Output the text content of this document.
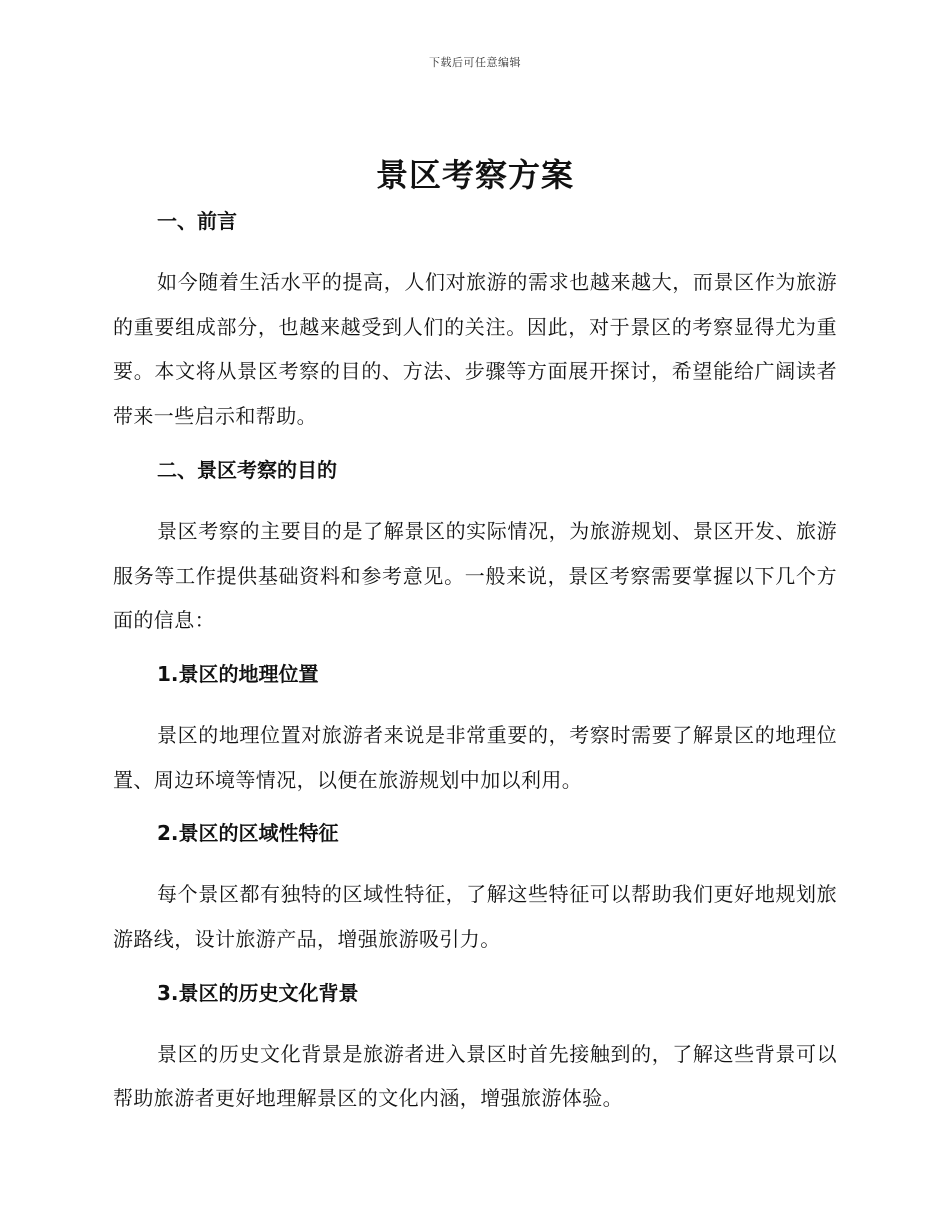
下载后可任意编辑
景区考察方案
一、前言

如今随着生活水平的提高，人们对旅游的需求也越来越大，而景区作为旅游的重要组成部分，也越来越受到人们的关注。因此，对于景区的考察显得尤为重要。本文将从景区考察的目的、方法、步骤等方面展开探讨，希望能给广阔读者带来一些启示和帮助。

二、景区考察的目的

景区考察的主要目的是了解景区的实际情况，为旅游规划、景区开发、旅游服务等工作提供基础资料和参考意见。一般来说，景区考察需要掌握以下几个方面的信息：

1.景区的地理位置

景区的地理位置对旅游者来说是非常重要的，考察时需要了解景区的地理位置、周边环境等情况，以便在旅游规划中加以利用。

2.景区的区域性特征

每个景区都有独特的区域性特征，了解这些特征可以帮助我们更好地规划旅游路线，设计旅游产品，增强旅游吸引力。

3.景区的历史文化背景

景区的历史文化背景是旅游者进入景区时首先接触到的，了解这些背景可以帮助旅游者更好地理解景区的文化内涵，增强旅游体验。
